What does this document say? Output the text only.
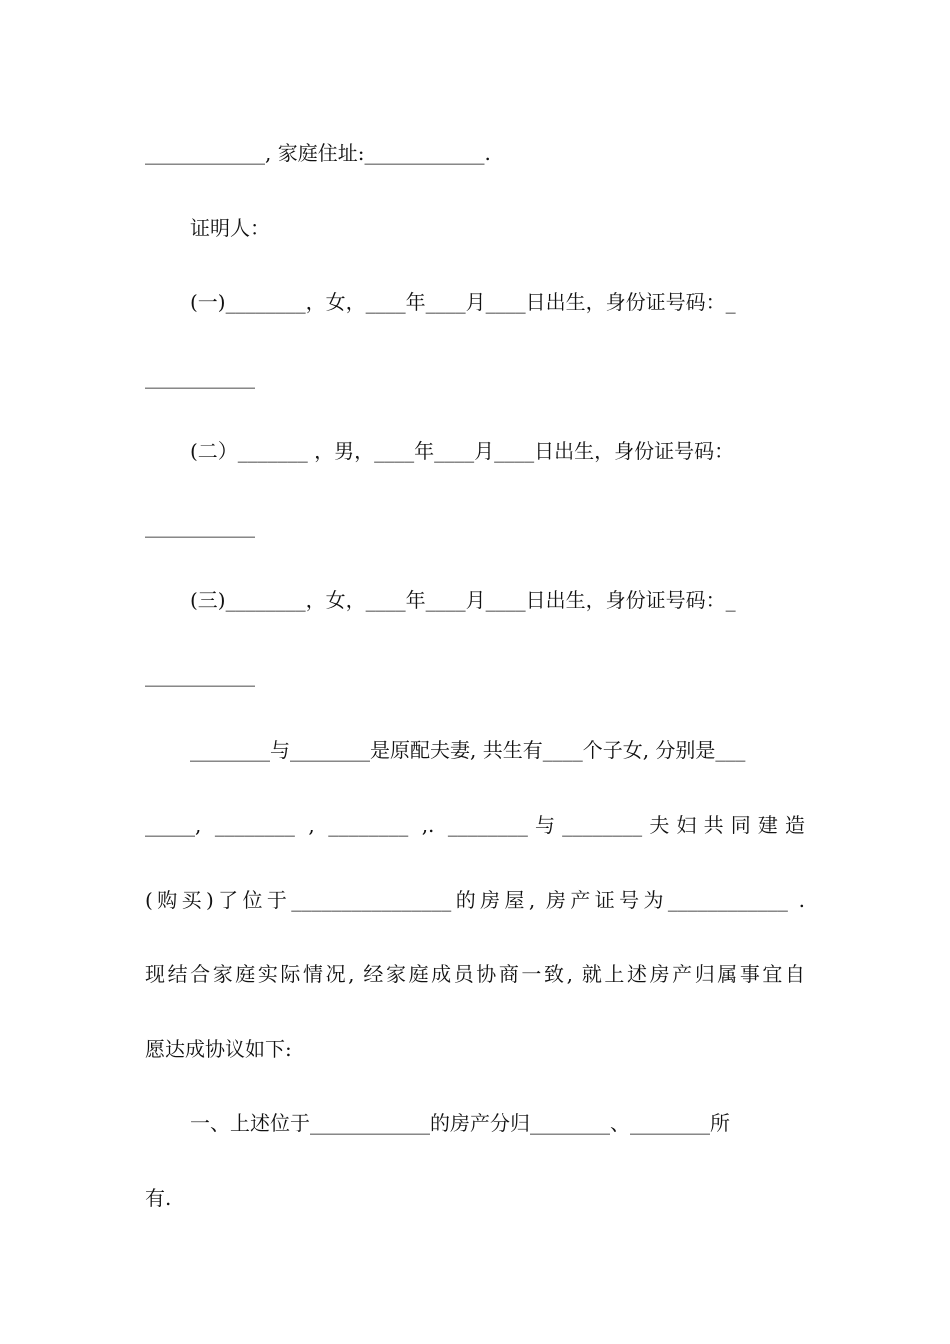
____________, 家庭住址:____________.
证明人：
(一)________，女，____年____月____日出生，身份证号码：_
___________
(二）_______ ，男，____年____月____日出生，身份证号码：
___________
(三)________，女，____年____月____日出生，身份证号码：_
___________
________与________是原配夫妻, 共生有____个子女, 分别是___
_____, ________ , ________ ,. ________与________夫妇共同建造
(购买)了位于________________的房屋, 房产证号为____________ .
现结合家庭实际情况, 经家庭成员协商一致, 就上述房产归属事宜自
愿达成协议如下:
一、上述位于____________的房产分归________、________所
有.
